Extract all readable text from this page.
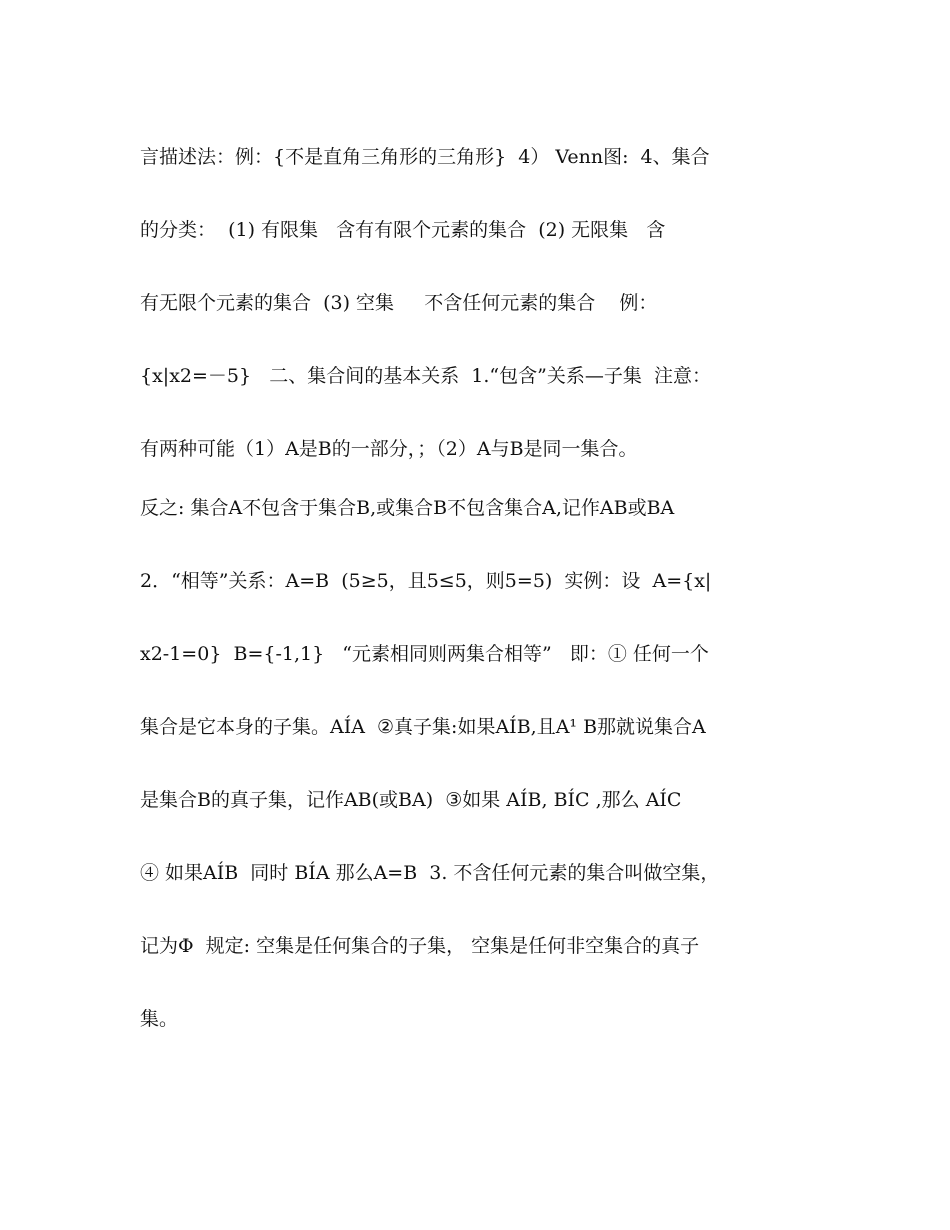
言描述法：例：{不是直角三角形的三角形}  4） Venn图:  4、集合
的分类：  (1) 有限集   含有有限个元素的集合  (2) 无限集   含
有无限个元素的集合  (3) 空集     不含任何元素的集合    例：
{x|x2=－5}   二、集合间的基本关系  1.“包含”关系—子集  注意：
有两种可能（1）A是B的一部分，；（2）A与B是同一集合。
反之: 集合A不包含于集合B,或集合B不包含集合A,记作AB或BA
2．“相等”关系：A=B  (5≥5，且5≤5，则5=5)  实例：设  A={x|
x2-1=0}  B={-1,1}   “元素相同则两集合相等”   即：① 任何一个
集合是它本身的子集。AÍA  ②真子集:如果AÍB,且A¹ B那就说集合A
是集合B的真子集，记作AB(或BA)  ③如果 AÍB, BÍC ,那么 AÍC
④ 如果AÍB  同时 BÍA 那么A=B  3. 不含任何元素的集合叫做空集，
记为Φ  规定: 空集是任何集合的子集， 空集是任何非空集合的真子
集。
